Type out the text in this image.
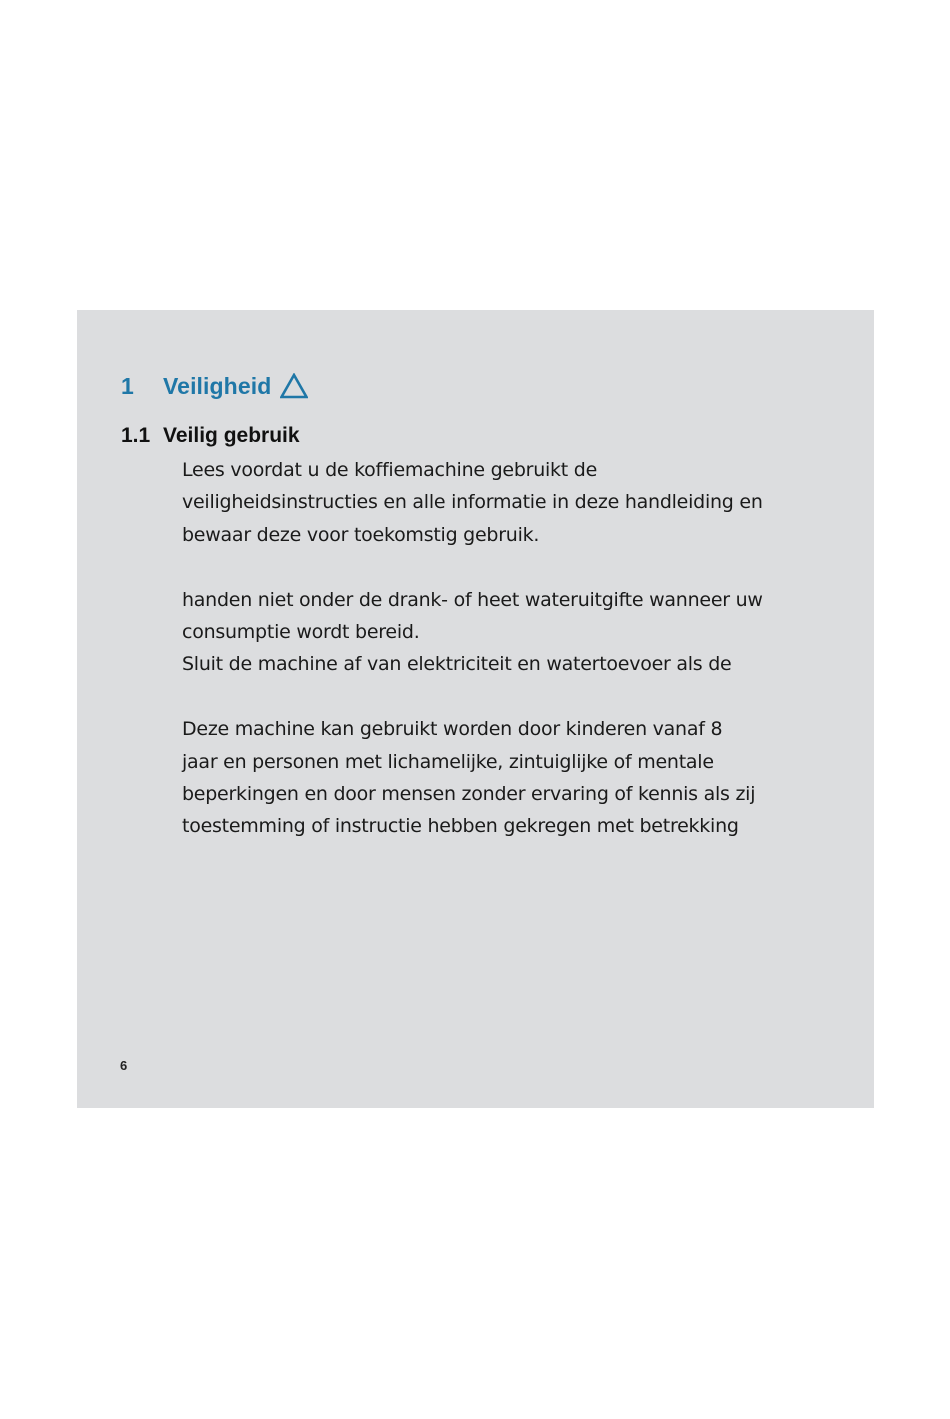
1	Veiligheid
1.1 Veilig gebruik

Lees voordat u de koffiemachine gebruikt de
veiligheidsinstructies en alle informatie in deze handleiding en
bewaar deze voor toekomstig gebruik.

handen niet onder de drank- of heet wateruitgifte wanneer uw
consumptie wordt bereid.
Sluit de machine af van elektriciteit en watertoevoer als de

Deze machine kan gebruikt worden door kinderen vanaf 8
jaar en personen met lichamelijke, zintuiglijke of mentale
beperkingen en door mensen zonder ervaring of kennis als zij
toestemming of instructie hebben gekregen met betrekking

6
